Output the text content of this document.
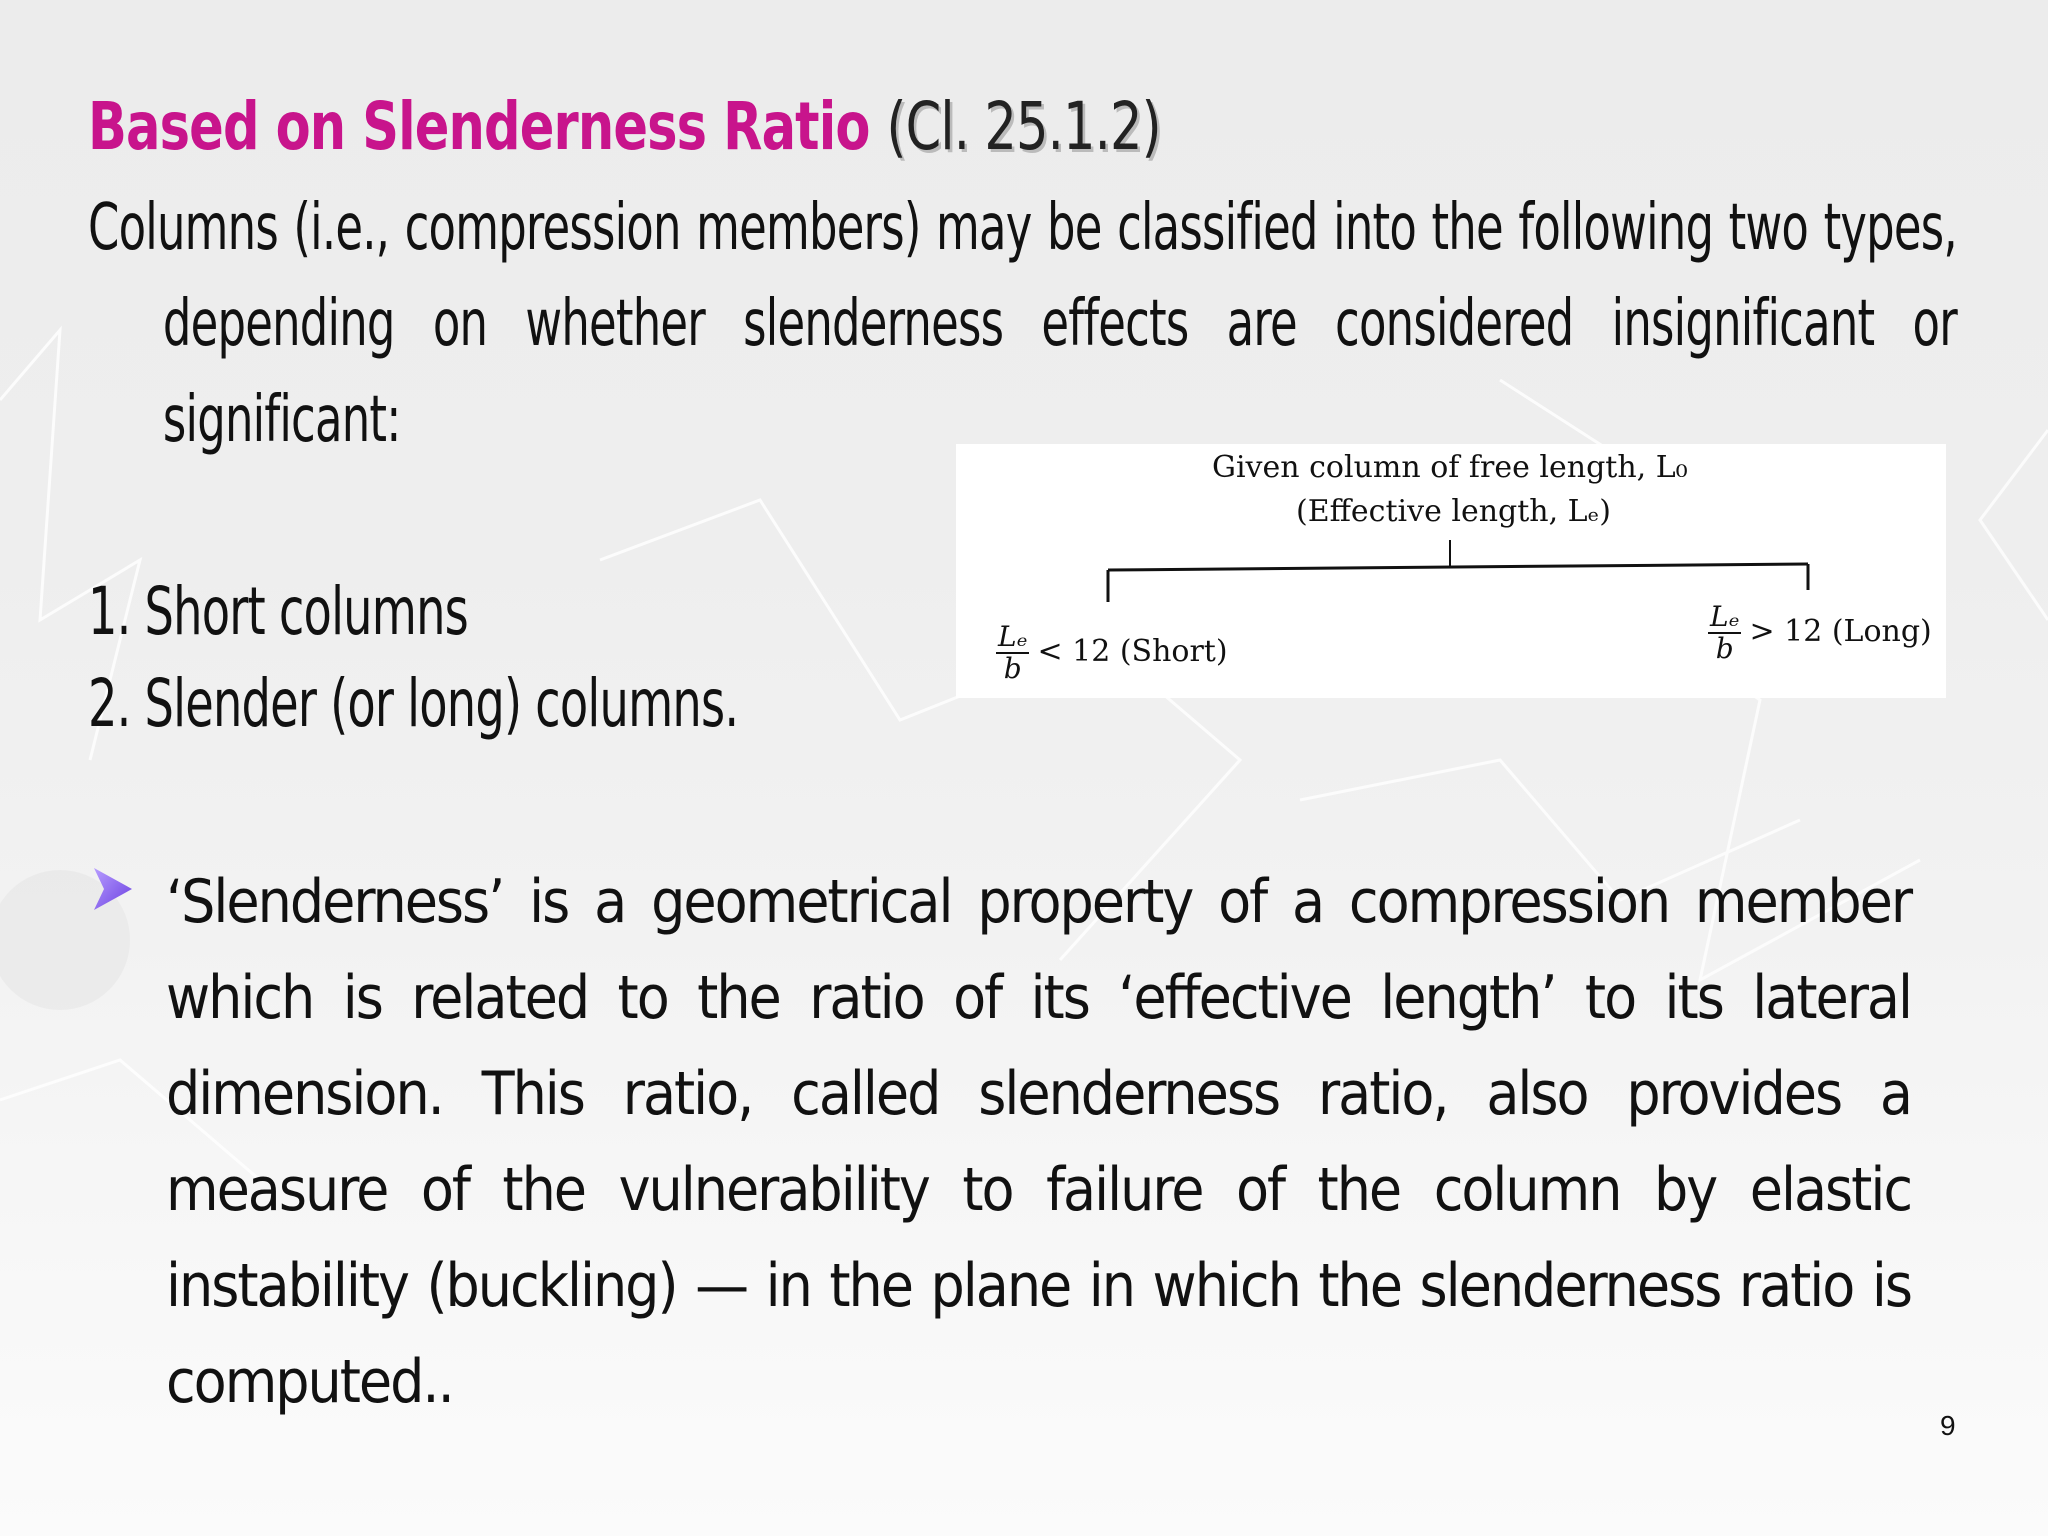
Based on Slenderness Ratio (Cl. 25.1.2)
Columns (i.e., compression members) may be classified into the following two types, depending on whether slenderness effects are considered insignificant or significant:
1. Short columns
2. Slender (or long) columns.
Given column of free length, L₀
(Effective length, Lₑ)
$\frac{\text{Lₑ}}{b} < 12$ (Short)	$\frac{\text{Lₑ}}{b} > 12$ (Long)
‘Slenderness’ is a geometrical property of a compression member which is related to the ratio of its ‘effective length’ to its lateral dimension. This ratio, called slenderness ratio, also provides a measure of the vulnerability to failure of the column by elastic instability (buckling) — in the plane in which the slenderness ratio is computed..
9
